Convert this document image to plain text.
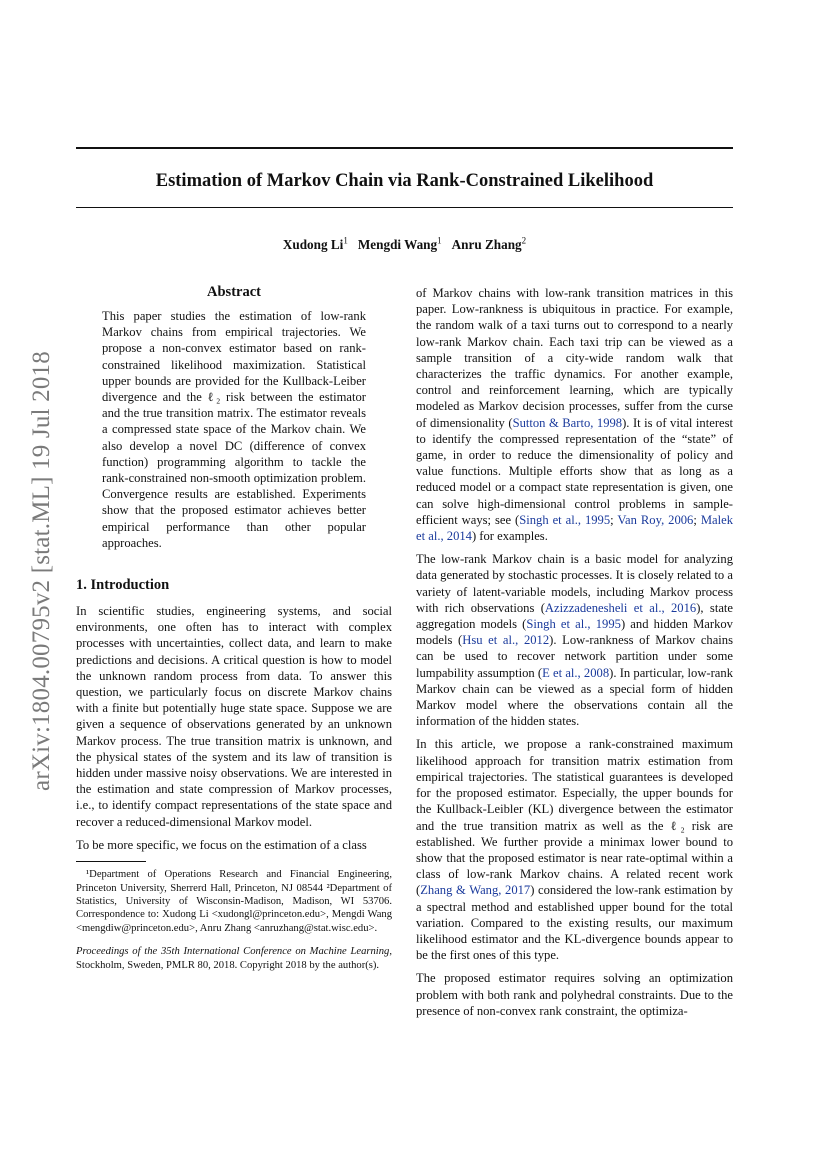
arXiv:1804.00795v2 [stat.ML] 19 Jul 2018
Estimation of Markov Chain via Rank-Constrained Likelihood
Xudong Li$^1$ Mengdi Wang$^1$ Anru Zhang$^2$
Abstract
This paper studies the estimation of low-rank Markov chains from empirical trajectories. We propose a non-convex estimator based on rank-constrained likelihood maximization. Statistical upper bounds are provided for the Kullback-Leiber divergence and the ℓ₂ risk between the estimator and the true transition matrix. The estimator reveals a compressed state space of the Markov chain. We also develop a novel DC (difference of convex function) programming algorithm to tackle the rank-constrained non-smooth optimization problem. Convergence results are established. Experiments show that the proposed estimator achieves better empirical performance than other popular approaches.
1. Introduction

In scientific studies, engineering systems, and social environments, one often has to interact with complex processes with uncertainties, collect data, and learn to make predictions and decisions. A critical question is how to model the unknown random process from data. To answer this question, we particularly focus on discrete Markov chains with a finite but potentially huge state space. Suppose we are given a sequence of observations generated by an unknown Markov process. The true transition matrix is unknown, and the physical states of the system and its law of transition is hidden under massive noisy observations. We are interested in the estimation and state compression of Markov processes, i.e., to identify compact representations of the state space and recover a reduced-dimensional Markov model.

To be more specific, we focus on the estimation of a class

¹Department of Operations Research and Financial Engineering, Princeton University, Sherrerd Hall, Princeton, NJ 08544 ²Department of Statistics, University of Wisconsin-Madison, Madison, WI 53706. Correspondence to: Xudong Li <xudongl@princeton.edu>, Mengdi Wang <mengdiw@princeton.edu>, Anru Zhang <anruzhang@stat.wisc.edu>.

Proceedings of the 35th International Conference on Machine Learning, Stockholm, Sweden, PMLR 80, 2018. Copyright 2018 by the author(s).

of Markov chains with low-rank transition matrices in this paper. Low-rankness is ubiquitous in practice. For example, the random walk of a taxi turns out to correspond to a nearly low-rank Markov chain. Each taxi trip can be viewed as a sample transition of a city-wide random walk that characterizes the traffic dynamics. For another example, control and reinforcement learning, which are typically modeled as Markov decision processes, suffer from the curse of dimensionality (Sutton & Barto, 1998). It is of vital interest to identify the compressed representation of the “state” of game, in order to reduce the dimensionality of policy and value functions. Multiple efforts show that as long as a reduced model or a compact state representation is given, one can solve high-dimensional control problems in sample-efficient ways; see (Singh et al., 1995; Van Roy, 2006; Malek et al., 2014) for examples.

The low-rank Markov chain is a basic model for analyzing data generated by stochastic processes. It is closely related to a variety of latent-variable models, including Markov process with rich observations (Azizzadenesheli et al., 2016), state aggregation models (Singh et al., 1995) and hidden Markov models (Hsu et al., 2012). Low-rankness of Markov chains can be used to recover network partition under some lumpability assumption (E et al., 2008). In particular, low-rank Markov chain can be viewed as a special form of hidden Markov model where the observations contain all the information of the hidden states.

In this article, we propose a rank-constrained maximum likelihood approach for transition matrix estimation from empirical trajectories. The statistical guarantees is developed for the proposed estimator. Especially, the upper bounds for the Kullback-Leibler (KL) divergence between the estimator and the true transition matrix as well as the ℓ₂ risk are established. We further provide a minimax lower bound to show that the proposed estimator is near rate-optimal within a class of low-rank Markov chains. A related recent work (Zhang & Wang, 2017) considered the low-rank estimation by a spectral method and established upper bound for the total variation. Compared to the existing results, our maximum likelihood estimator and the KL-divergence bounds appear to be the first ones of this type.

The proposed estimator requires solving an optimization problem with both rank and polyhedral constraints. Due to the presence of non-convex rank constraint, the optimiza-
